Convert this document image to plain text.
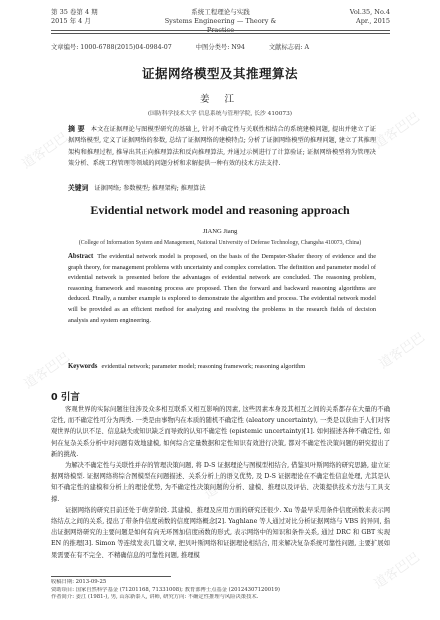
第 35 卷第 4 期	系统工程理论与实践	Vol.35, No.4
2015 年 4 月	Systems Engineering — Theory & Practice
Apr., 2015
文章编号: 1000-6788(2015)04-0984-07	中图分类号: N94	文献标志码: A
证据网络模型及其推理算法
姜 江
(国防科学技术大学 信息系统与管理学院, 长沙 410073)
摘 要 本文在证据理论与图模型研究的基础上, 针对不确定性与关联性相结合的系统建模问题, 提出并建立了证据网络模型, 定义了证据网络的参数, 总结了证据网络的建模特点; 分析了证据网络模型的推理问题, 建立了其推理架构和推理过程, 推导出其正向推理算法和反向推理算法, 并通过示例进行了计算验证; 证据网络模型将为管理决策分析、系统工程管理等领域的问题分析和求解提供一种有效的技术方法支持.
关键词 证据网络; 参数模型; 推理架构; 推理算法
Evidential network model and reasoning approach
JIANG Jiang
(College of Information System and Management, National University of Defense Technology, Changsha 410073, China)
Abstract The evidential network model is proposed, on the basis of the Dempster-Shafer theory of evidence and the graph theory, for management problems with uncertainty and complex correlation. The definition and parameter model of evidential network is presented before the advantages of evidential network are concluded. The reasoning problem, reasoning framework and reasoning process are proposed. Then the forward and backward reasoning algorithms are deduced. Finally, a number example is explored to demonstrate the algorithm and process. The evidential network model will be provided as an efficient method for analyzing and resolving the problems in the research fields of decision analysis and system engineering.
Keywords evidential network; parameter model; reasoning framework; reasoning algorithm
0 引言

客观世界的实际问题往往涉及众多相互联系又相互影响的因素, 这些因素本身及其相互之间的关系都存在大量的不确定性, 而不确定性可分为两类. 一类是由事物内在本质的随机不确定性 (aleatory uncertainty), 一类是以获由于人们对客观世界的认识不足、信息缺失或知识缺乏而导致的认知不确定性 (epistemic uncertainty)[1]. 如何描述各种不确定性, 如何在复杂关系分析中对问题有效地建模, 如何综合定量数据和定性知识有效进行决策, 都对不确定性决策问题的研究提出了新的挑战.

为解决不确定性与关联性并存的管理决策问题, 将 D-S 证据理论与图模型相结合, 借鉴贝叶斯网络的研究思路, 建立证据网络模型. 证据网络将综合图模型在问题描述、关系分析上的语义优势, 及 D-S 证据理论在不确定性信息处理, 尤其是认知不确定性的建模和分析上的理论优势, 为不确定性决策问题的分析、建模、推理以及评估、决策提供技术方法与工具支撑.

证据网络的研究目前还处于萌芽阶段. 其建模、推理及应用方面的研究还很少. Xu 等最早采用条件信度函数来表示网络结点之间的关系, 提出了带条件信度函数的信度网络概念[2]. Yaghlane 等人通过对比分析证据网络与 VBS 的异同, 指出证据网络研究的主要问题是如何有向无环图加信度函数的形式, 表示网络中的知识和条件关系, 通过 DRC 和 GBT 实现 EN 的推理[3]. Simon 等连续发表几篇文章, 把贝叶斯网络和证据理论相结合, 用来解决复杂系统可靠性问题, 主要扩展如果需要在有不完全、不精确信息的可靠性问题, 推理模

收稿日期: 2013-09-25
资助项目: 国家自然科学基金 (71201168, 71331008); 教育部博士点基金 (20124307120019)
作者简介: 姜江 (1981-), 男, 山东新泰人, 讲师, 研究方向: 不确定性推理与风险决策技术.
道客巴巴	道客巴巴
道客巴巴	道客巴巴
道客巴巴
道客巴巴
